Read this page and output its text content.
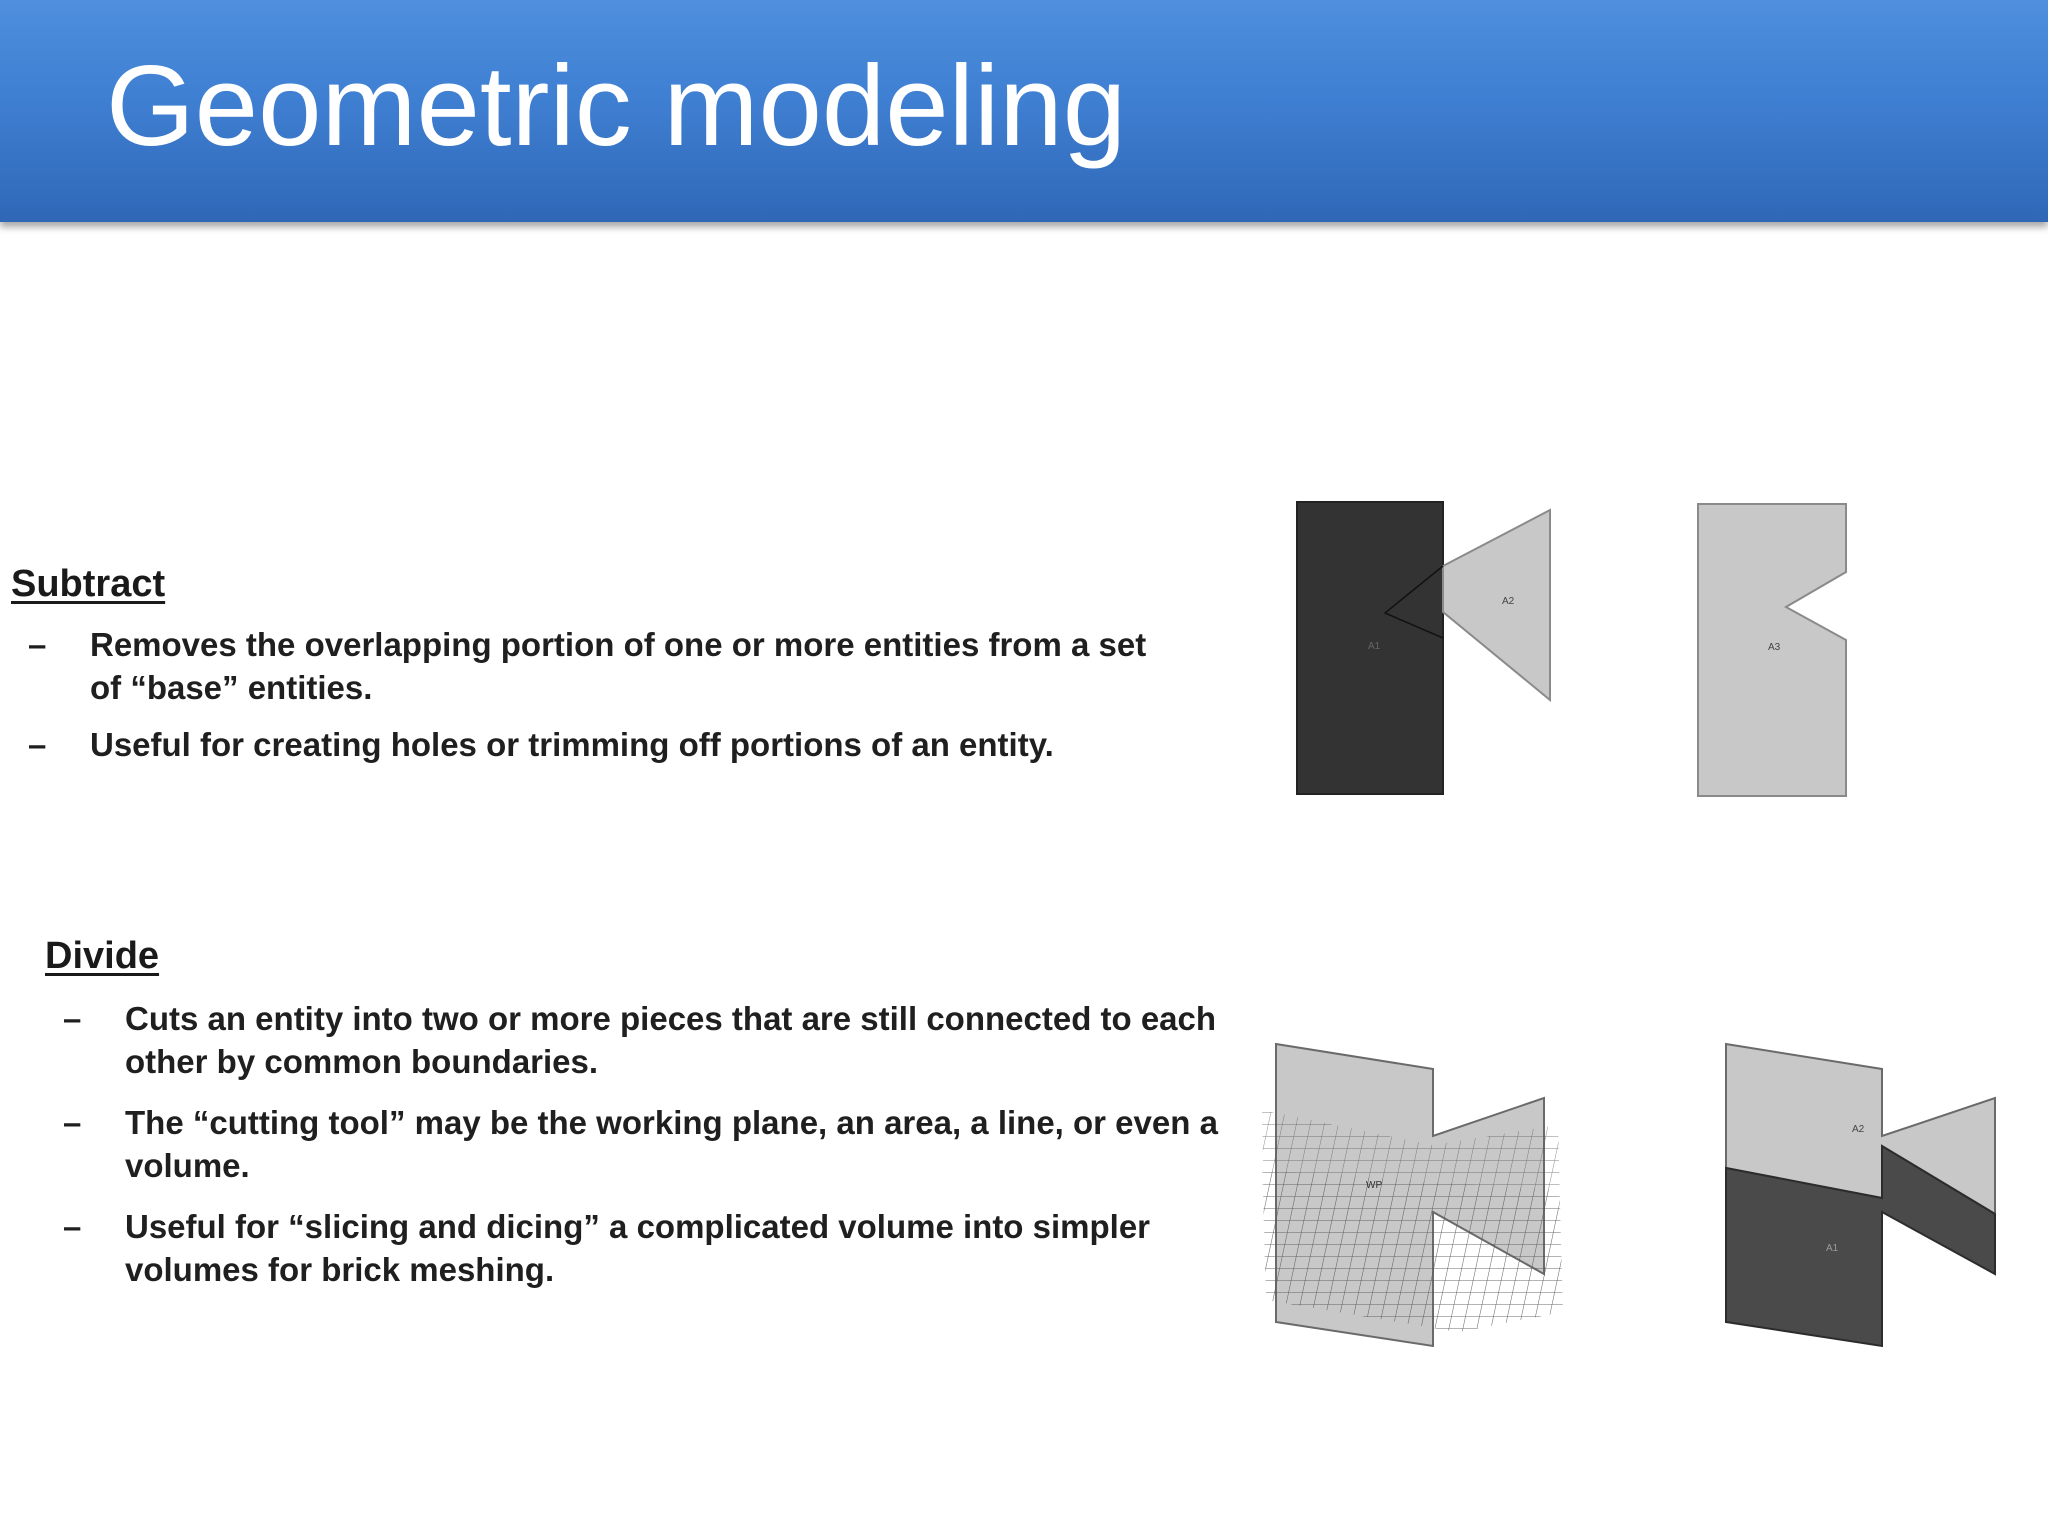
Geometric modeling
Subtract
– Removes the overlapping portion of one or more entities from a set of “base” entities.
– Useful for creating holes or trimming off portions of an entity.
A1
A2
A3
Divide
– Cuts an entity into two or more pieces that are still connected to each other by common boundaries.
– The “cutting tool” may be the working plane, an area, a line, or even a volume.
– Useful for “slicing and dicing” a complicated volume into simpler volumes for brick meshing.
WP
A2
A1
